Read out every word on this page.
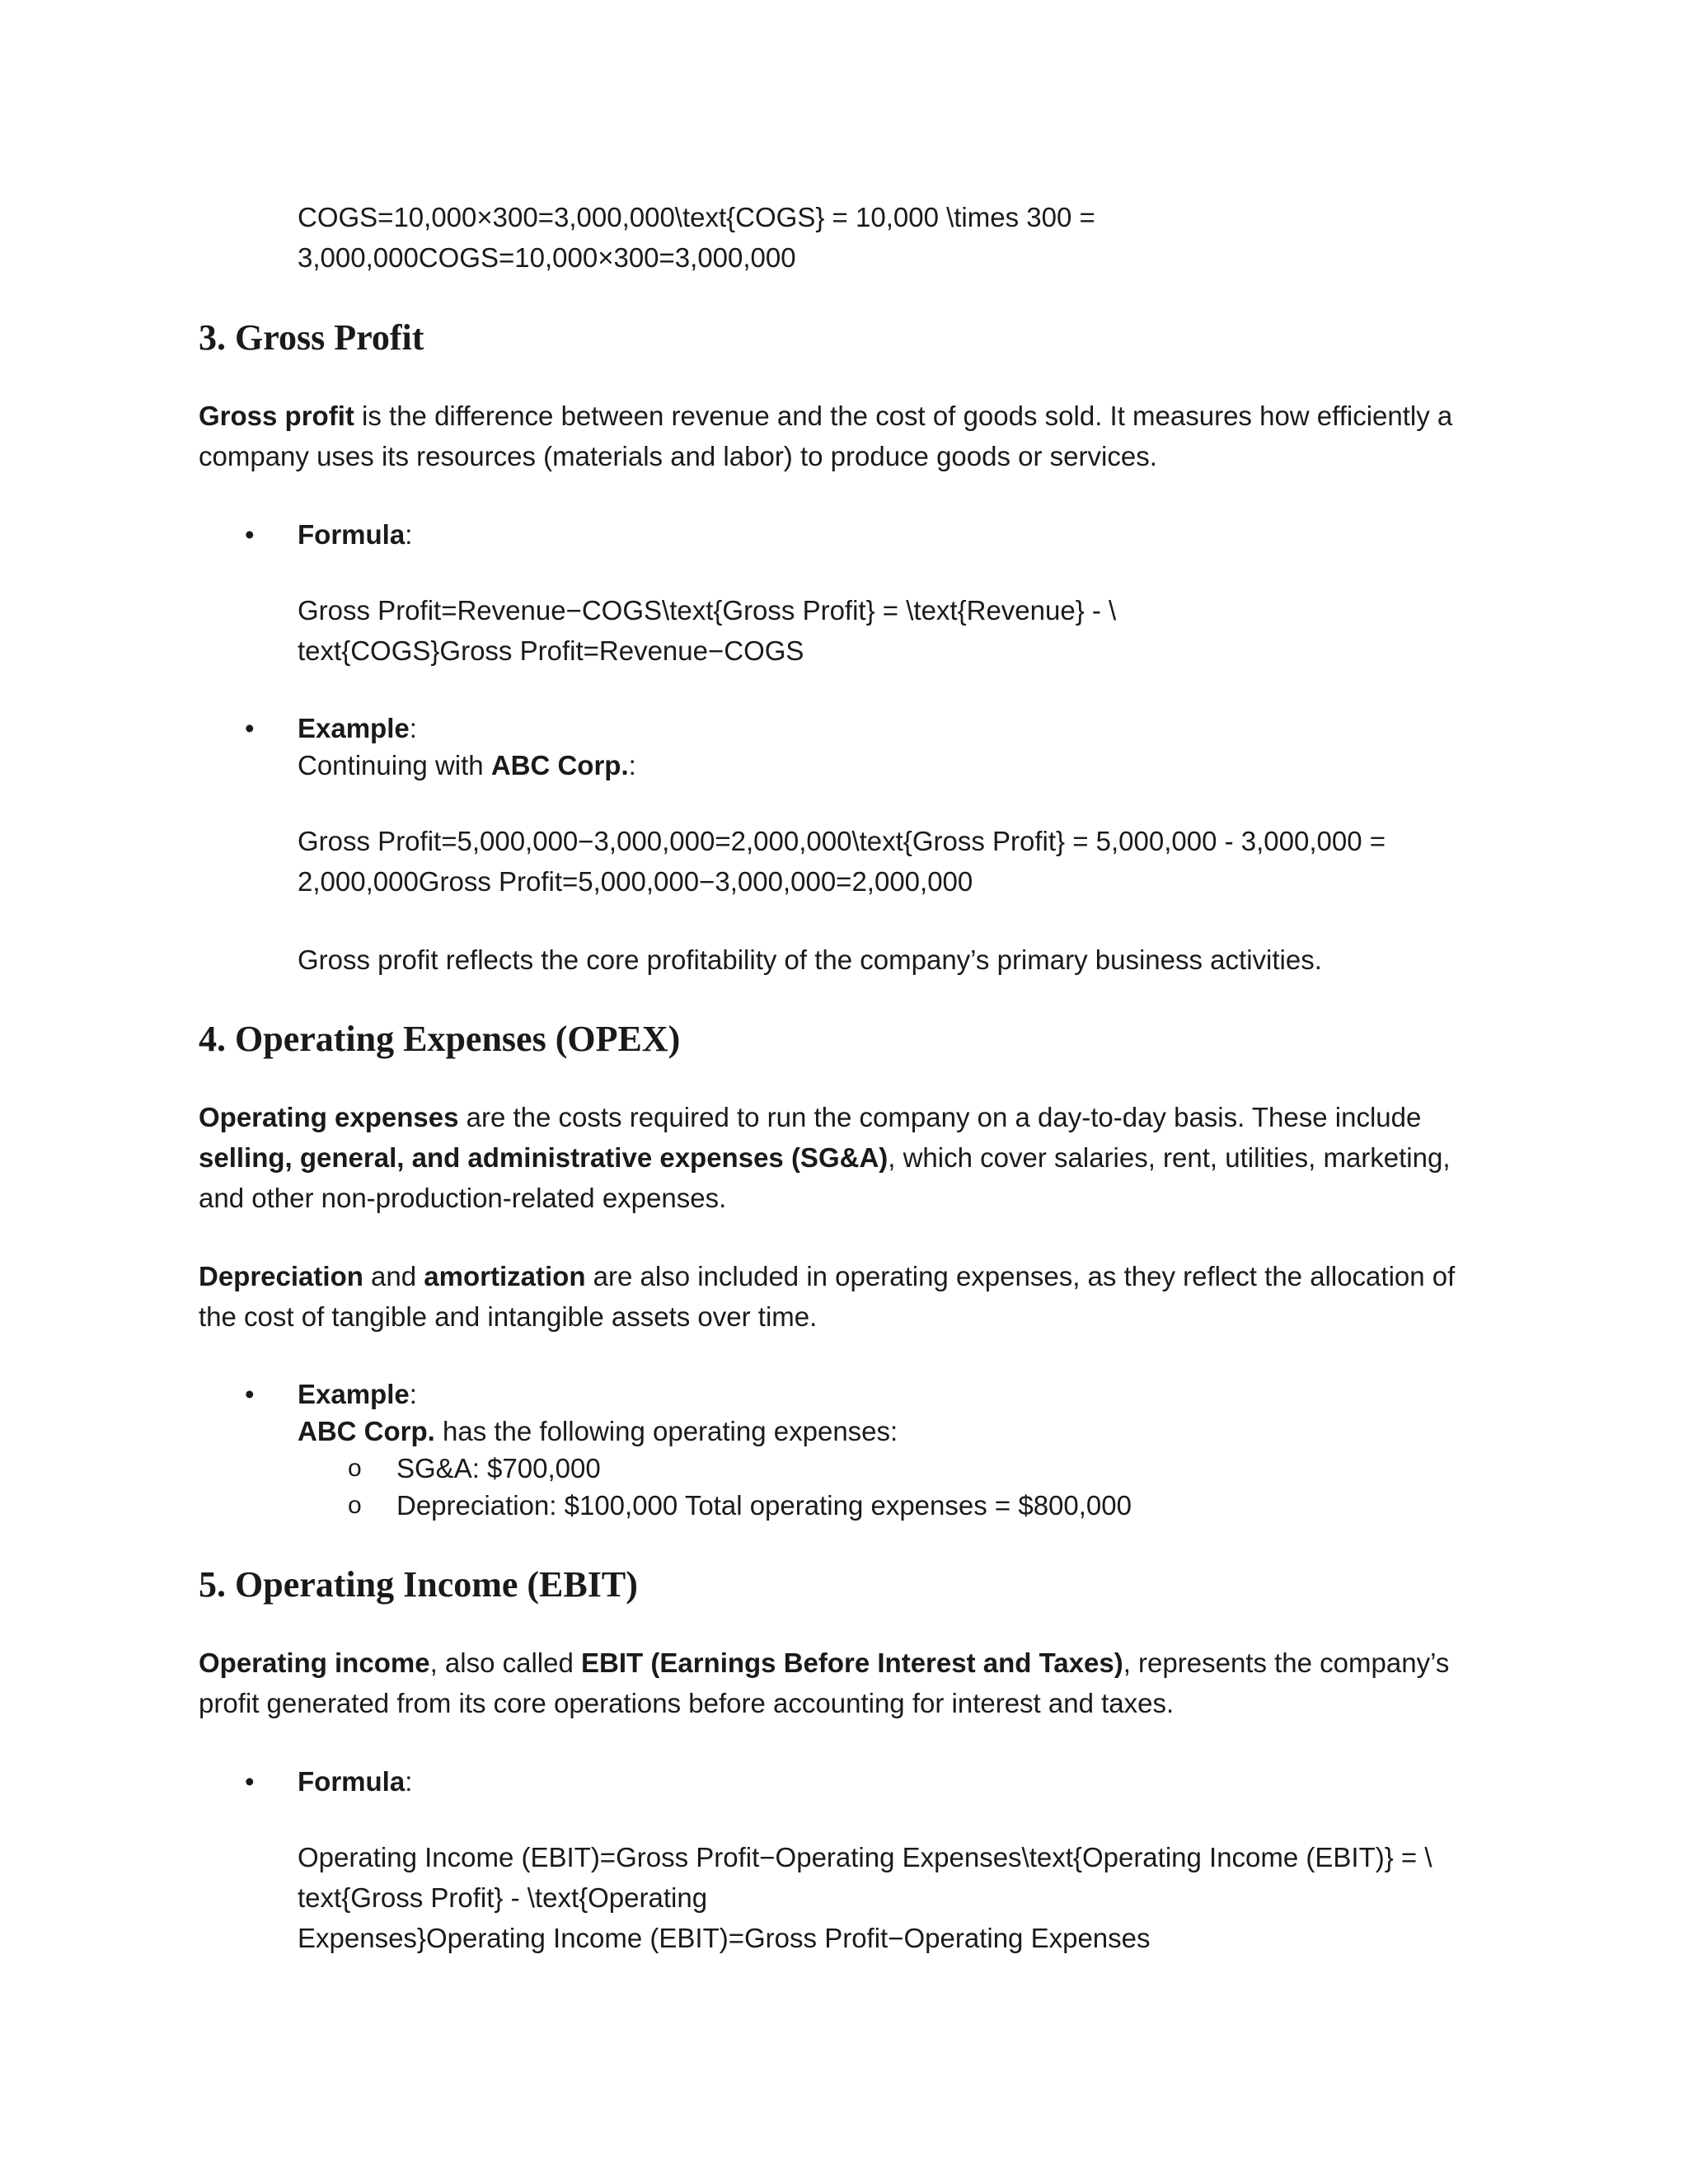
COGS=10,000×300=3,000,000\text{COGS} = 10,000 \times 300 =

3,000,000COGS=10,000×300=3,000,000

3. Gross Profit

Gross profit is the difference between revenue and the cost of goods sold. It measures how efficiently a

company uses its resources (materials and labor) to produce goods or services.

• Formula:

Gross Profit=Revenue−COGS\text{Gross Profit} = \text{Revenue} - \

text{COGS}Gross Profit=Revenue−COGS

• Example:

Continuing with ABC Corp.:

Gross Profit=5,000,000−3,000,000=2,000,000\text{Gross Profit} = 5,000,000 - 3,000,000 =

2,000,000Gross Profit=5,000,000−3,000,000=2,000,000

Gross profit reflects the core profitability of the company’s primary business activities.

4. Operating Expenses (OPEX)

Operating expenses are the costs required to run the company on a day-to-day basis. These include

selling, general, and administrative expenses (SG&A), which cover salaries, rent, utilities, marketing,

and other non-production-related expenses.

Depreciation and amortization are also included in operating expenses, as they reflect the allocation of

the cost of tangible and intangible assets over time.

• Example:

ABC Corp. has the following operating expenses:

o SG&A: $700,000

o Depreciation: $100,000 Total operating expenses = $800,000

5. Operating Income (EBIT)

Operating income, also called EBIT (Earnings Before Interest and Taxes), represents the company’s

profit generated from its core operations before accounting for interest and taxes.

• Formula:

Operating Income (EBIT)=Gross Profit−Operating Expenses\text{Operating Income (EBIT)} = \

text{Gross Profit} - \text{Operating

Expenses}Operating Income (EBIT)=Gross Profit−Operating Expenses
